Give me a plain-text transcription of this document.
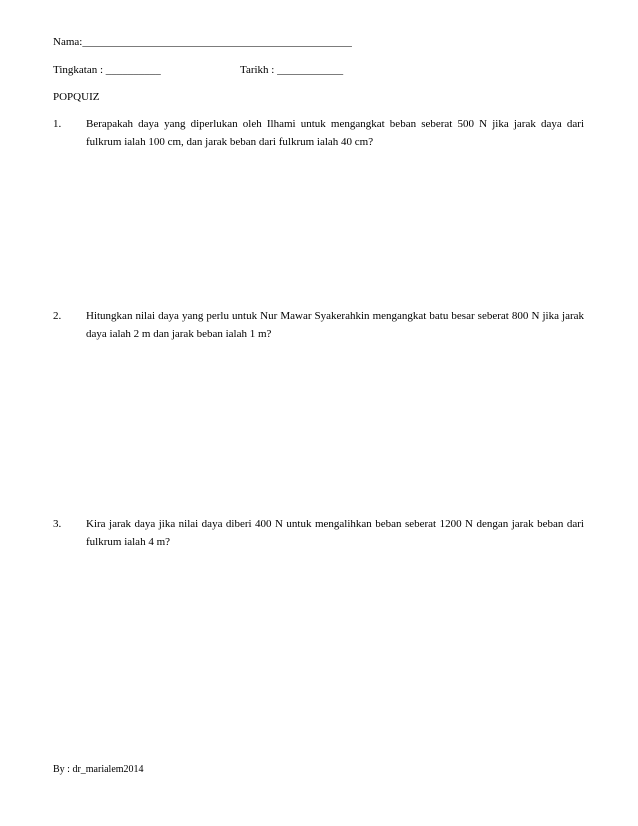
Nama:_________________________________________________
Tingkatan : __________	Tarikh : ____________
POPQUIZ
1. Berapakah daya yang diperlukan oleh Ilhami untuk mengangkat beban seberat 500 N jika jarak daya dari fulkrum ialah 100 cm, dan jarak beban dari fulkrum ialah 40 cm?
2. Hitungkan nilai daya yang perlu untuk Nur Mawar Syakerahkin mengangkat batu besar seberat 800 N jika jarak daya ialah 2 m dan jarak beban ialah 1 m?
3. Kira jarak daya jika nilai daya diberi 400 N untuk mengalihkan beban seberat 1200 N dengan jarak beban dari fulkrum ialah 4 m?
By : dr_marialem2014
